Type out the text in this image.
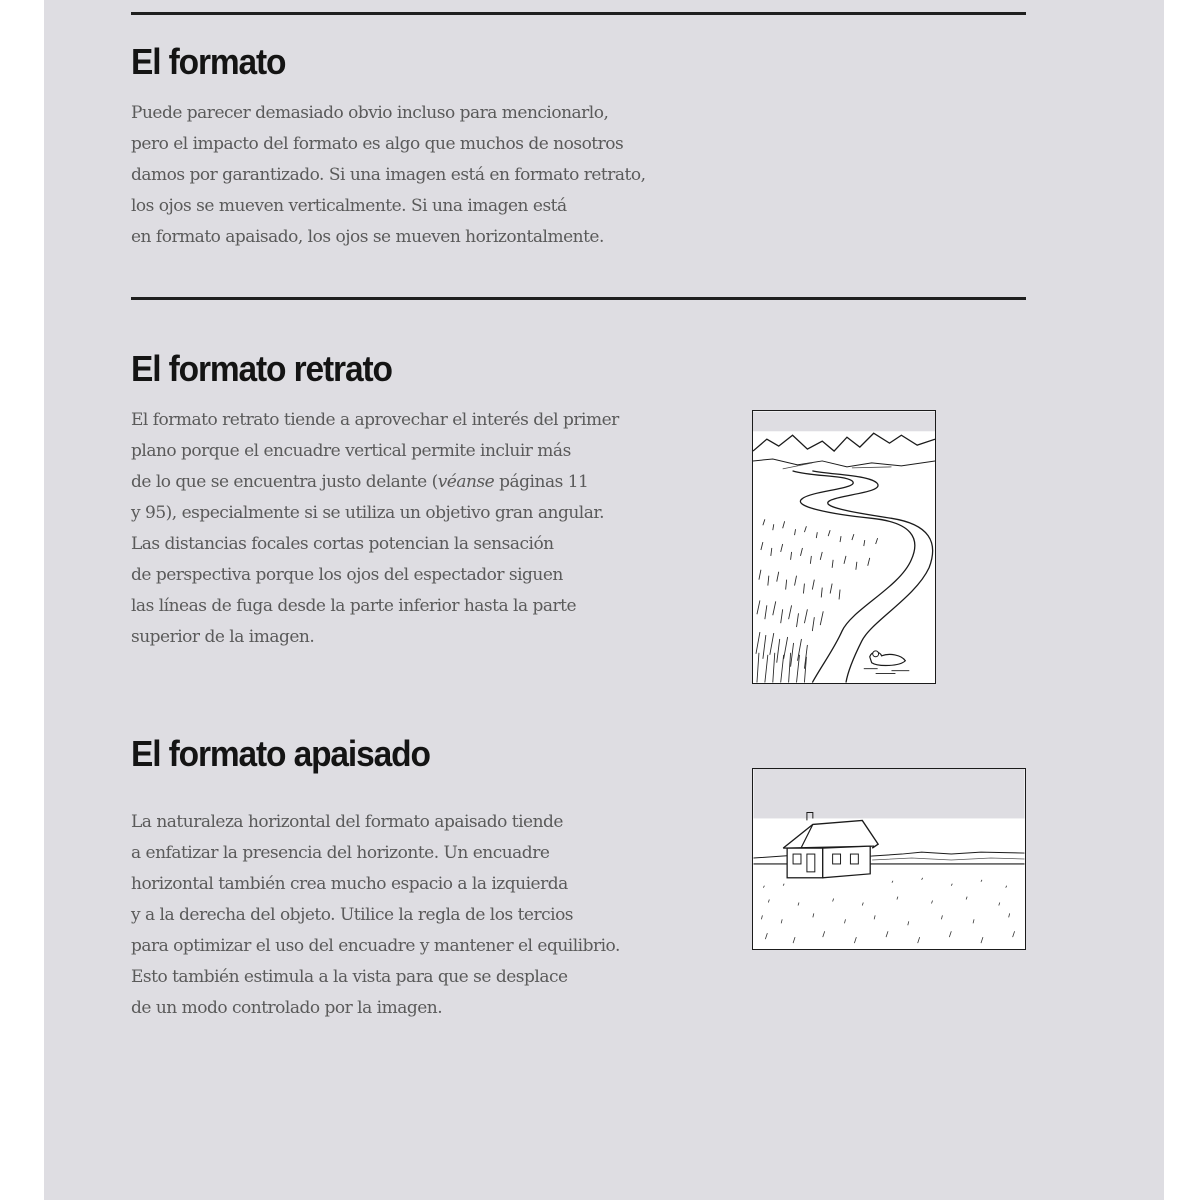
El formato

Puede parecer demasiado obvio incluso para mencionarlo,
pero el impacto del formato es algo que muchos de nosotros
damos por garantizado. Si una imagen está en formato retrato,
los ojos se mueven verticalmente. Si una imagen está
en formato apaisado, los ojos se mueven horizontalmente.

El formato retrato

El formato retrato tiende a aprovechar el interés del primer
plano porque el encuadre vertical permite incluir más
de lo que se encuentra justo delante (véanse páginas 11
y 95), especialmente si se utiliza un objetivo gran angular.
Las distancias focales cortas potencian la sensación
de perspectiva porque los ojos del espectador siguen
las líneas de fuga desde la parte inferior hasta la parte
superior de la imagen.

El formato apaisado

La naturaleza horizontal del formato apaisado tiende
a enfatizar la presencia del horizonte. Un encuadre
horizontal también crea mucho espacio a la izquierda
y a la derecha del objeto. Utilice la regla de los tercios
para optimizar el uso del encuadre y mantener el equilibrio.
Esto también estimula a la vista para que se desplace
de un modo controlado por la imagen.
